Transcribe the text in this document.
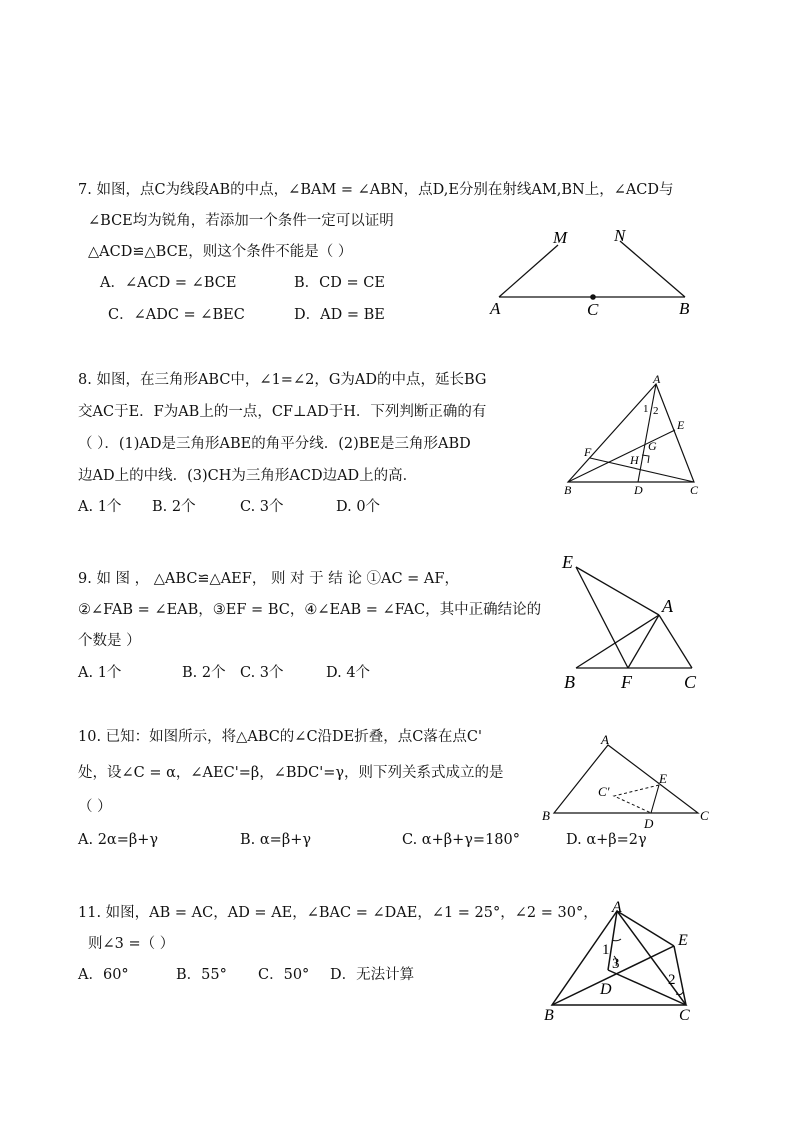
7. 如图，点C为线段AB的中点，∠BAM = ∠ABN，点D,E分别在射线AM,BN上，∠ACD与
∠BCE均为锐角，若添加一个条件一定可以证明
△ACD≌△BCE，则这个条件不能是（ ）
A．∠ACD = ∠BCE	B．CD = CE
C．∠ADC = ∠BEC	D．AD = BE
M	N
A	C	B
8. 如图，在三角形ABC中，∠1=∠2，G为AD的中点，延长BG
交AC于E．F为AB上的一点，CF⊥AD于H．下列判断正确的有
（ ）．(1)AD是三角形ABE的角平分线．(2)BE是三角形ABD
边AD上的中线．(3)CH为三角形ACD边AD上的高．
A. 1个 B. 2个	C. 3个	D. 0个
A
1 2
E
G
F
H
B	D	C
9. 如 图 ， △ABC≌△AEF， 则 对 于 结 论 ①AC = AF，
②∠FAB = ∠EAB，③EF = BC，④∠EAB = ∠FAC，其中正确结论的
个数是 ）
A. 1个	B. 2个 C. 3个	D. 4个
E
A
B	F	C
10. 已知：如图所示，将△ABC的∠C沿DE折叠，点C落在点C'
处，设∠C = α，∠AEC'=β，∠BDC'=γ，则下列关系式成立的是
（ ）
A. 2α=β+γ	B. α=β+γ	C. α+β+γ=180°	D. α+β=2γ
A
E
C'
B
D
C
11. 如图，AB = AC，AD = AE，∠BAC = ∠DAE，∠1 = 25°，∠2 = 30°，
则∠3 =（ ）
A．60°	B．55° C．50° D．无法计算
A
E
1
3
2
D
B	C
